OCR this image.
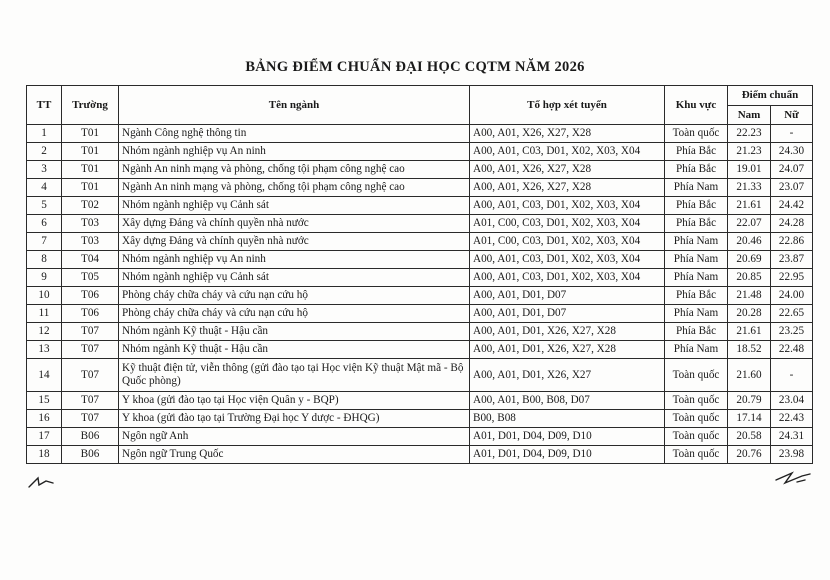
BẢNG ĐIỂM CHUẨN ĐẠI HỌC CQTM NĂM 2026
TT	Trường	Tên ngành	Tổ hợp xét tuyển	Khu vực	Điểm chuẩn	
					Nam	Nữ
1	T01	Ngành Công nghệ thông tin	A00, A01, X26, X27, X28	Toàn quốc	22.23	-
2	T01	Nhóm ngành nghiệp vụ An ninh	A00, A01, C03, D01, X02, X03, X04	Phía Bắc	21.23	24.30
3	T01	Ngành An ninh mạng và phòng, chống tội phạm công nghệ cao	A00, A01, X26, X27, X28	Phía Bắc	19.01	24.07
4	T01	Ngành An ninh mạng và phòng, chống tội phạm công nghệ cao	A00, A01, X26, X27, X28	Phía Nam	21.33	23.07
5	T02	Nhóm ngành nghiệp vụ Cảnh sát	A00, A01, C03, D01, X02, X03, X04	Phía Bắc	21.61	24.42
6	T03	Xây dựng Đảng và chính quyền nhà nước	A01, C00, C03, D01, X02, X03, X04	Phía Bắc	22.07	24.28
7	T03	Xây dựng Đảng và chính quyền nhà nước	A01, C00, C03, D01, X02, X03, X04	Phía Nam	20.46	22.86
8	T04	Nhóm ngành nghiệp vụ An ninh	A00, A01, C03, D01, X02, X03, X04	Phía Nam	20.69	23.87
9	T05	Nhóm ngành nghiệp vụ Cảnh sát	A00, A01, C03, D01, X02, X03, X04	Phía Nam	20.85	22.95
10	T06	Phòng cháy chữa cháy và cứu nạn cứu hộ	A00, A01, D01, D07	Phía Bắc	21.48	24.00
11	T06	Phòng cháy chữa cháy và cứu nạn cứu hộ	A00, A01, D01, D07	Phía Nam	20.28	22.65
12	T07	Nhóm ngành Kỹ thuật - Hậu cần	A00, A01, D01, X26, X27, X28	Phía Bắc	21.61	23.25
13	T07	Nhóm ngành Kỹ thuật - Hậu cần	A00, A01, D01, X26, X27, X28	Phía Nam	18.52	22.48
14	T07	Kỹ thuật điện tử, viễn thông (gửi đào tạo tại Học viện Kỹ thuật Mật mã - Bộ Quốc phòng)	A00, A01, D01, X26, X27	Toàn quốc	21.60	-
15	T07	Y khoa (gửi đào tạo tại Học viện Quân y - BQP)	A00, A01, B00, B08, D07	Toàn quốc	20.79	23.04
16	T07	Y khoa (gửi đào tạo tại Trường Đại học Y dược - ĐHQG)	B00, B08	Toàn quốc	17.14	22.43
17	B06	Ngôn ngữ Anh	A01, D01, D04, D09, D10	Toàn quốc	20.58	24.31
18	B06	Ngôn ngữ Trung Quốc	A01, D01, D04, D09, D10	Toàn quốc	20.76	23.98
